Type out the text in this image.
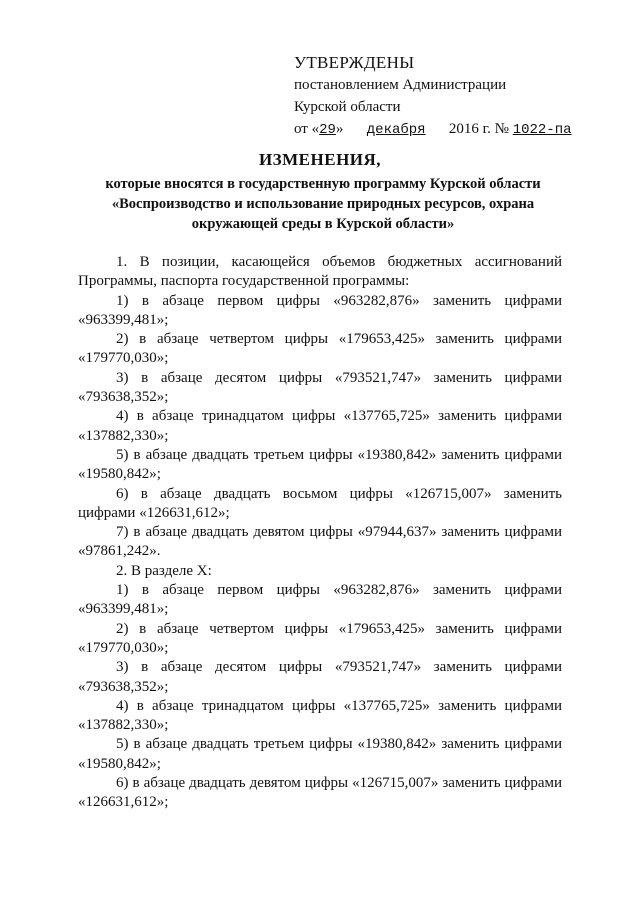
УТВЕРЖДЕНЫ
постановлением Администрации
Курской области
от «29» декабря 2016 г. № 1022-па
ИЗМЕНЕНИЯ,
которые вносятся в государственную программу Курской области «Воспроизводство и использование природных ресурсов, охрана окружающей среды в Курской области»

1. В позиции, касающейся объемов бюджетных ассигнований Программы, паспорта государственной программы:

1) в абзаце первом цифры «963282,876» заменить цифрами «963399,481»;

2) в абзаце четвертом цифры «179653,425» заменить цифрами «179770,030»;

3) в абзаце десятом цифры «793521,747» заменить цифрами «793638,352»;

4) в абзаце тринадцатом цифры «137765,725» заменить цифрами «137882,330»;

5) в абзаце двадцать третьем цифры «19380,842» заменить цифрами «19580,842»;

6) в абзаце двадцать восьмом цифры «126715,007» заменить цифрами «126631,612»;

7) в абзаце двадцать девятом цифры «97944,637» заменить цифрами «97861,242».

2. В разделе X:

1) в абзаце первом цифры «963282,876» заменить цифрами «963399,481»;

2) в абзаце четвертом цифры «179653,425» заменить цифрами «179770,030»;

3) в абзаце десятом цифры «793521,747» заменить цифрами «793638,352»;

4) в абзаце тринадцатом цифры «137765,725» заменить цифрами «137882,330»;

5) в абзаце двадцать третьем цифры «19380,842» заменить цифрами «19580,842»;

6) в абзаце двадцать девятом цифры «126715,007» заменить цифрами «126631,612»;
